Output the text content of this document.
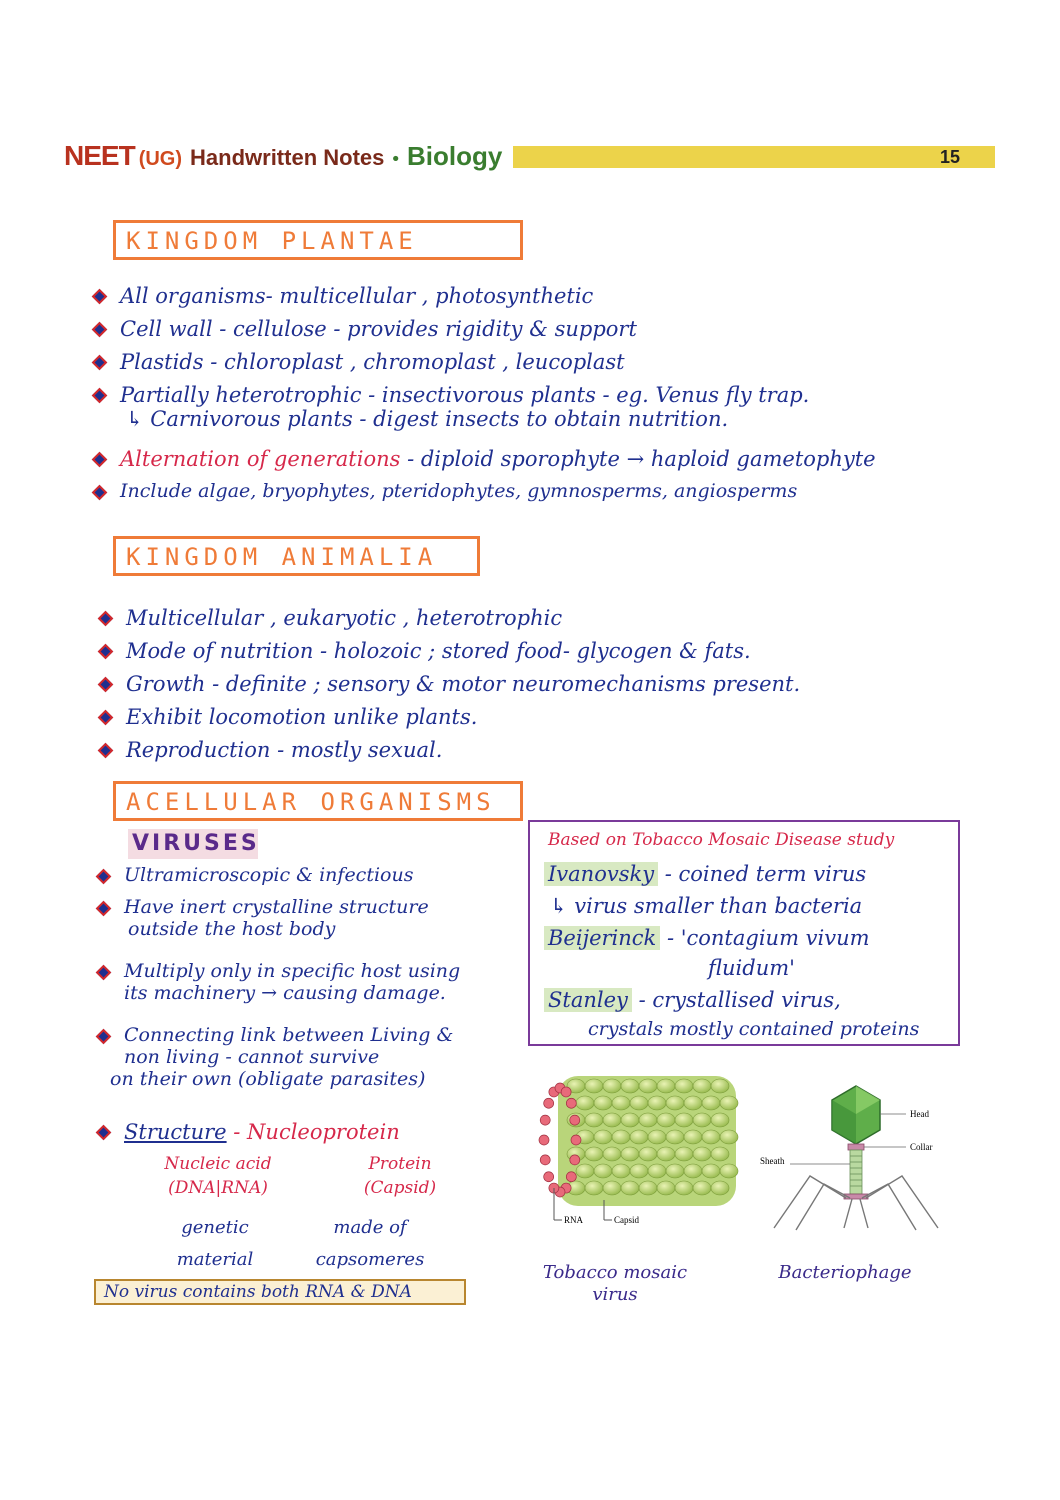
NEET (UG) Handwritten Notes • Biology	15
KINGDOM PLANTAE
All organisms- multicellular , photosynthetic
Cell wall - cellulose - provides rigidity & support
Plastids - chloroplast , chromoplast , leucoplast
Partially heterotrophic - insectivorous plants - eg. Venus fly trap.
↳ Carnivorous plants - digest insects to obtain nutrition.
Alternation of generations - diploid sporophyte → haploid gametophyte
Include algae, bryophytes, pteridophytes, gymnosperms, angiosperms
KINGDOM ANIMALIA
Multicellular , eukaryotic , heterotrophic
Mode of nutrition - holozoic ; stored food- glycogen & fats.
Growth - definite ; sensory & motor neuromechanisms present.
Exhibit locomotion unlike plants.
Reproduction - mostly sexual.
ACELLULAR ORGANISMS
VIRUSES
Ultramicroscopic & infectious
Have inert crystalline structure
outside the host body
Multiply only in specific host using
its machinery → causing damage.
Connecting link between Living &
non living - cannot survive
on their own (obligate parasites)
Structure - Nucleoprotein
Nucleic acid
(DNA|RNA)
Protein
(Capsid)
genetic
material
made of
capsomeres
No virus contains both RNA & DNA
Based on Tobacco Mosaic Disease study
Ivanovsky - coined term virus
↳ virus smaller than bacteria
Beijerinck - 'contagium vivum
fluidum'
Stanley - crystallised virus,
crystals mostly contained proteins
RNA	Capsid
Tobacco mosaic
virus
Head
Collar
Sheath
Bacteriophage
